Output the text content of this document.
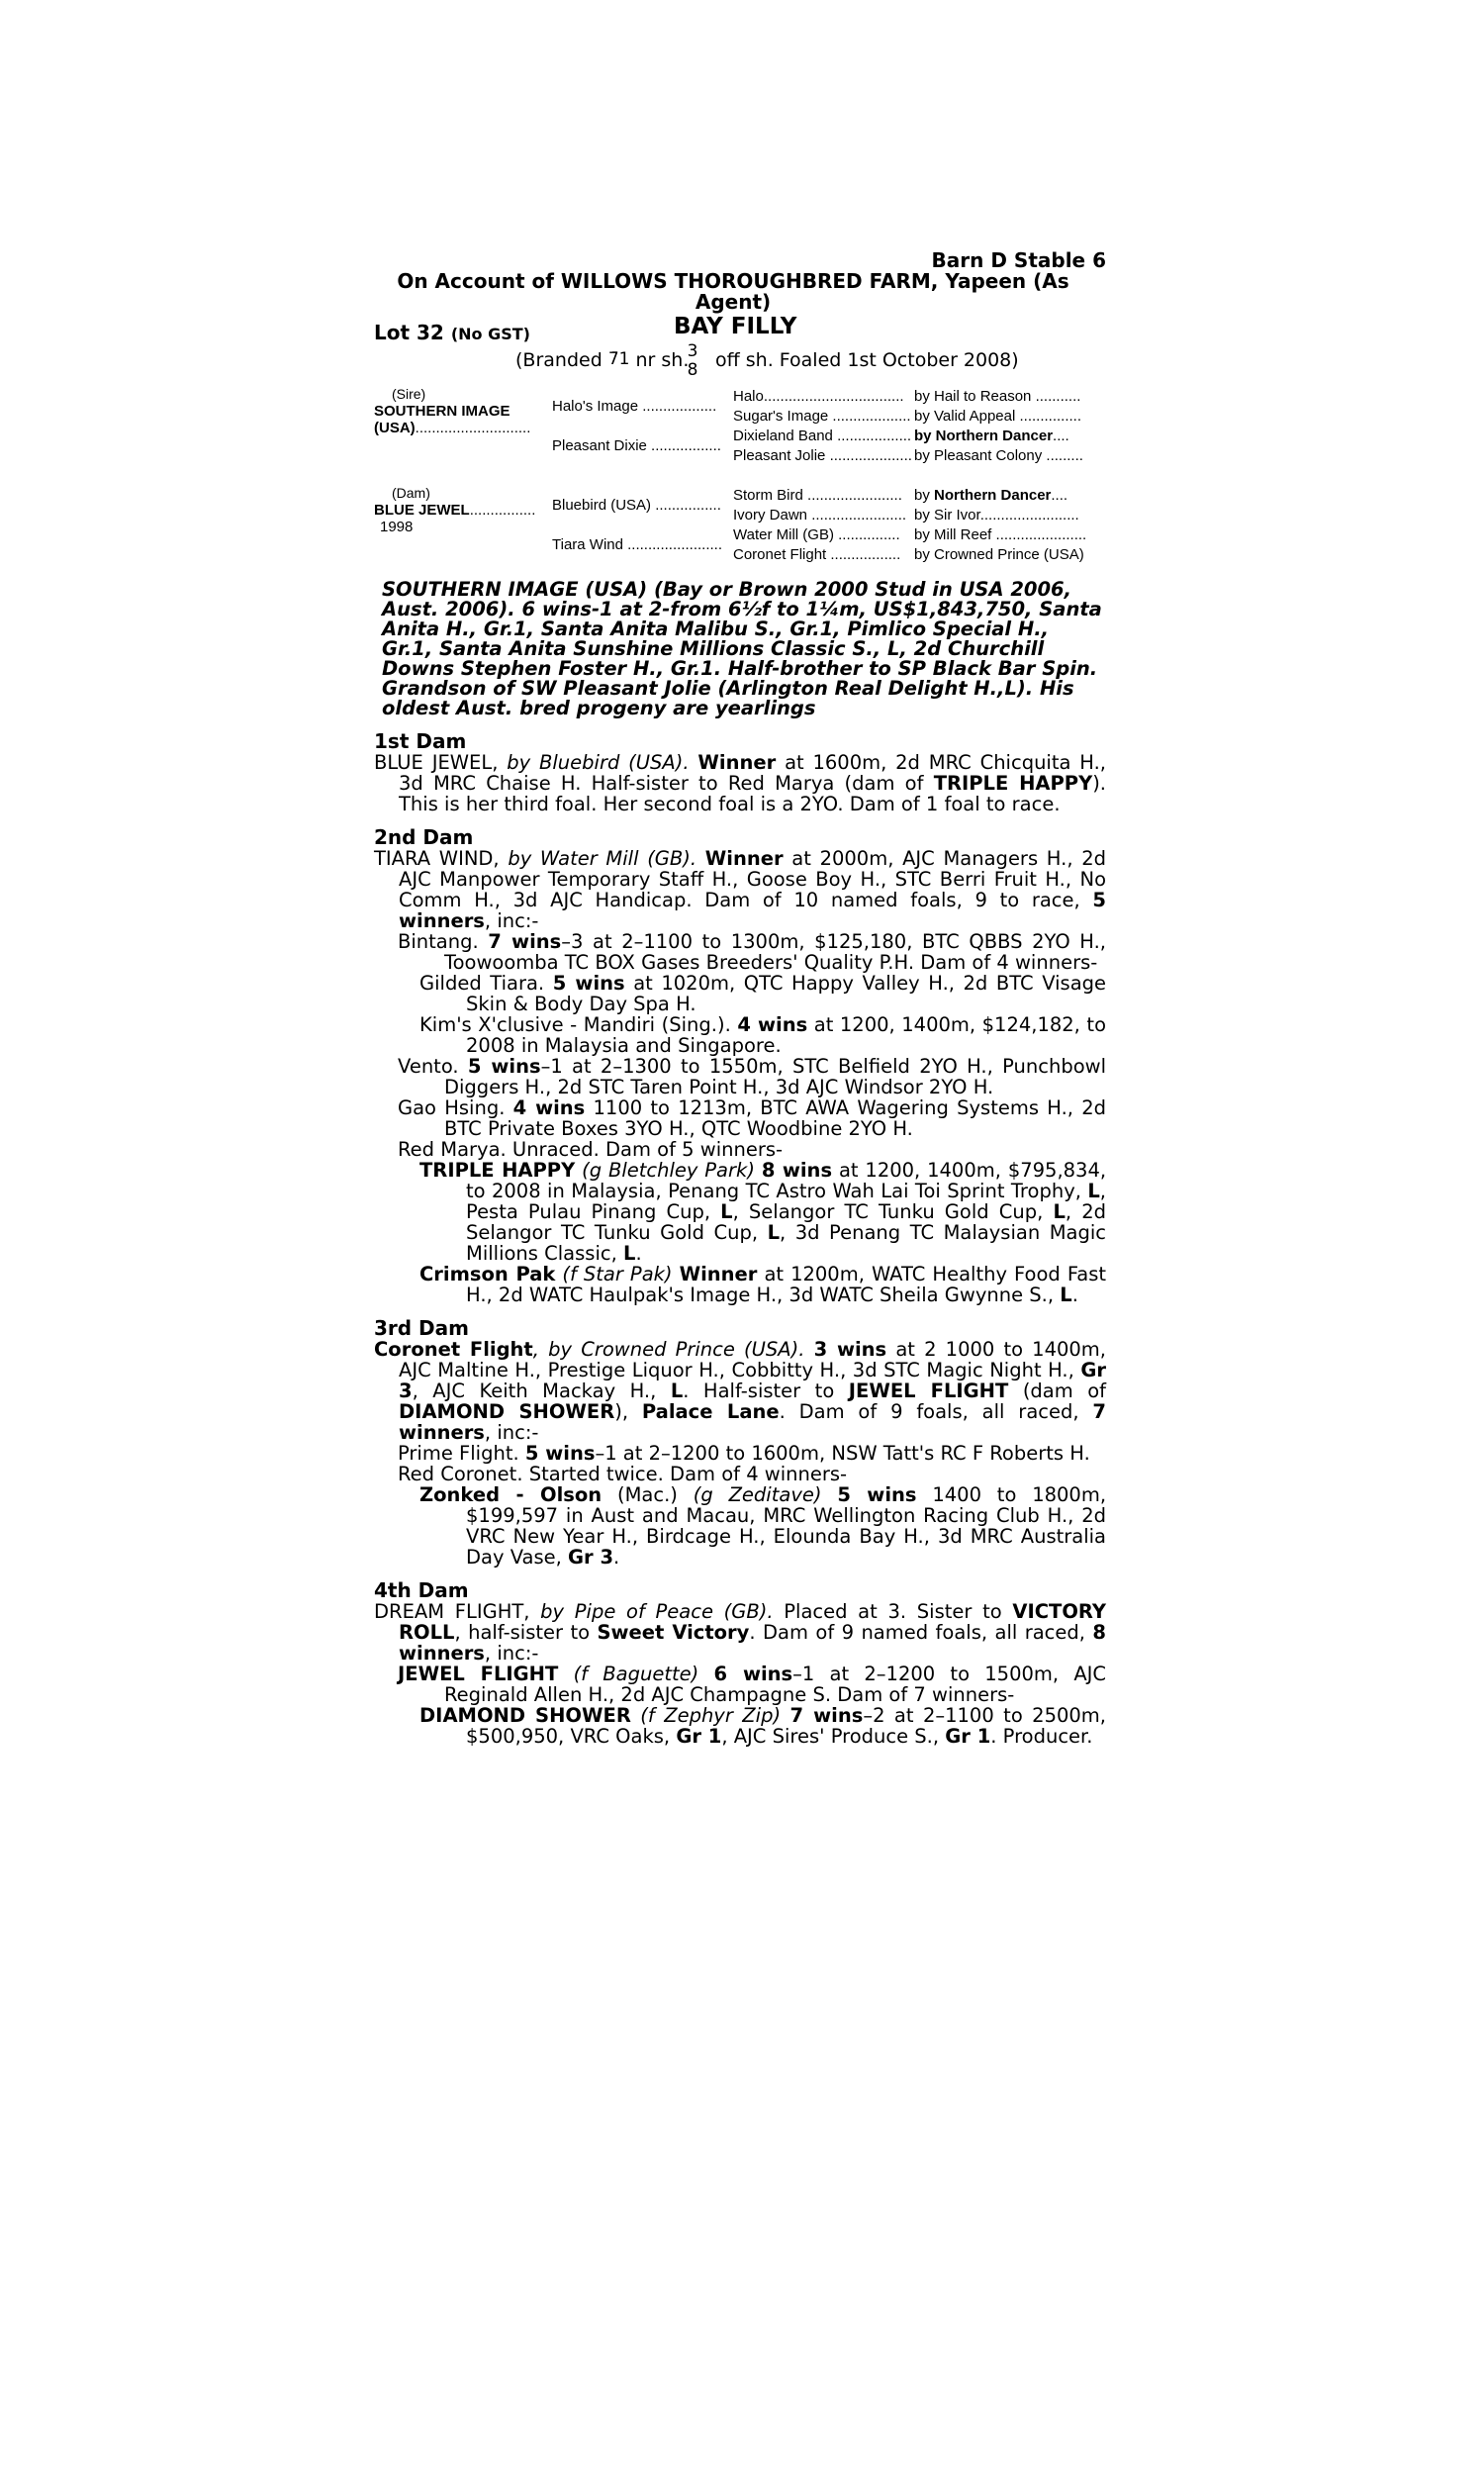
Barn D Stable 6
On Account of WILLOWS THOROUGHBRED FARM, Yapeen (As Agent)
Lot 32 (No GST)	BAY FILLY
(Branded 7̄1 nr sh.
3
8 off sh. Foaled 1st October 2008)
(Sire)
SOUTHERN IMAGE
(USA)............................	Halo's Image ..................	Halo..................................	by Hail to Reason ...........
		Sugar's Image ...................	by Valid Appeal ...............
	Pleasant Dixie .................	Dixieland Band ..................	by Northern Dancer....
		Pleasant Jolie ....................	by Pleasant Colony .........

(Dam)
BLUE JEWEL................
1998	Bluebird (USA) ................	Storm Bird .......................	by Northern Dancer....
		Ivory Dawn .......................	by Sir Ivor........................
	Tiara Wind .......................	Water Mill (GB) ...............	by Mill Reef ......................
		Coronet Flight .................	by Crowned Prince (USA)
SOUTHERN IMAGE (USA) (Bay or Brown 2000 Stud in USA 2006, Aust. 2006). 6 wins-1 at 2-from 6½f to 1¼m, US$1,843,750, Santa Anita H., Gr.1, Santa Anita Malibu S., Gr.1, Pimlico Special H., Gr.1, Santa Anita Sunshine Millions Classic S., L, 2d Churchill Downs Stephen Foster H., Gr.1. Half-brother to SP Black Bar Spin. Grandson of SW Pleasant Jolie (Arlington Real Delight H.,L). His oldest Aust. bred progeny are yearlings
1st Dam

BLUE JEWEL, by Bluebird (USA). Winner at 1600m, 2d MRC Chicquita H., 3d MRC Chaise H. Half-sister to Red Marya (dam of TRIPLE HAPPY). This is her third foal. Her second foal is a 2YO. Dam of 1 foal to race.

2nd Dam

TIARA WIND, by Water Mill (GB). Winner at 2000m, AJC Managers H., 2d AJC Manpower Temporary Staff H., Goose Boy H., STC Berri Fruit H., No Comm H., 3d AJC Handicap. Dam of 10 named foals, 9 to race, 5 winners, inc:-

Bintang. 7 wins–3 at 2–1100 to 1300m, $125,180, BTC QBBS 2YO H., Toowoomba TC BOX Gases Breeders' Quality P.H. Dam of 4 winners-

Gilded Tiara. 5 wins at 1020m, QTC Happy Valley H., 2d BTC Visage Skin & Body Day Spa H.

Kim's X'clusive - Mandiri (Sing.). 4 wins at 1200, 1400m, $124,182, to 2008 in Malaysia and Singapore.

Vento. 5 wins–1 at 2–1300 to 1550m, STC Belfield 2YO H., Punchbowl Diggers H., 2d STC Taren Point H., 3d AJC Windsor 2YO H.

Gao Hsing. 4 wins 1100 to 1213m, BTC AWA Wagering Systems H., 2d BTC Private Boxes 3YO H., QTC Woodbine 2YO H.

Red Marya. Unraced. Dam of 5 winners-

TRIPLE HAPPY (g Bletchley Park) 8 wins at 1200, 1400m, $795,834, to 2008 in Malaysia, Penang TC Astro Wah Lai Toi Sprint Trophy, L, Pesta Pulau Pinang Cup, L, Selangor TC Tunku Gold Cup, L, 2d Selangor TC Tunku Gold Cup, L, 3d Penang TC Malaysian Magic Millions Classic, L.

Crimson Pak (f Star Pak) Winner at 1200m, WATC Healthy Food Fast H., 2d WATC Haulpak's Image H., 3d WATC Sheila Gwynne S., L.

3rd Dam

Coronet Flight, by Crowned Prince (USA). 3 wins at 2 1000 to 1400m, AJC Maltine H., Prestige Liquor H., Cobbitty H., 3d STC Magic Night H., Gr 3, AJC Keith Mackay H., L. Half-sister to JEWEL FLIGHT (dam of DIAMOND SHOWER), Palace Lane. Dam of 9 foals, all raced, 7 winners, inc:-

Prime Flight. 5 wins–1 at 2–1200 to 1600m, NSW Tatt's RC F Roberts H.

Red Coronet. Started twice. Dam of 4 winners-

Zonked - Olson (Mac.) (g Zeditave) 5 wins 1400 to 1800m, $199,597 in Aust and Macau, MRC Wellington Racing Club H., 2d VRC New Year H., Birdcage H., Elounda Bay H., 3d MRC Australia Day Vase, Gr 3.

4th Dam

DREAM FLIGHT, by Pipe of Peace (GB). Placed at 3. Sister to VICTORY ROLL, half-sister to Sweet Victory. Dam of 9 named foals, all raced, 8 winners, inc:-

JEWEL FLIGHT (f Baguette) 6 wins–1 at 2–1200 to 1500m, AJC Reginald Allen H., 2d AJC Champagne S. Dam of 7 winners-

DIAMOND SHOWER (f Zephyr Zip) 7 wins–2 at 2–1100 to 2500m, $500,950, VRC Oaks, Gr 1, AJC Sires' Produce S., Gr 1. Producer.
